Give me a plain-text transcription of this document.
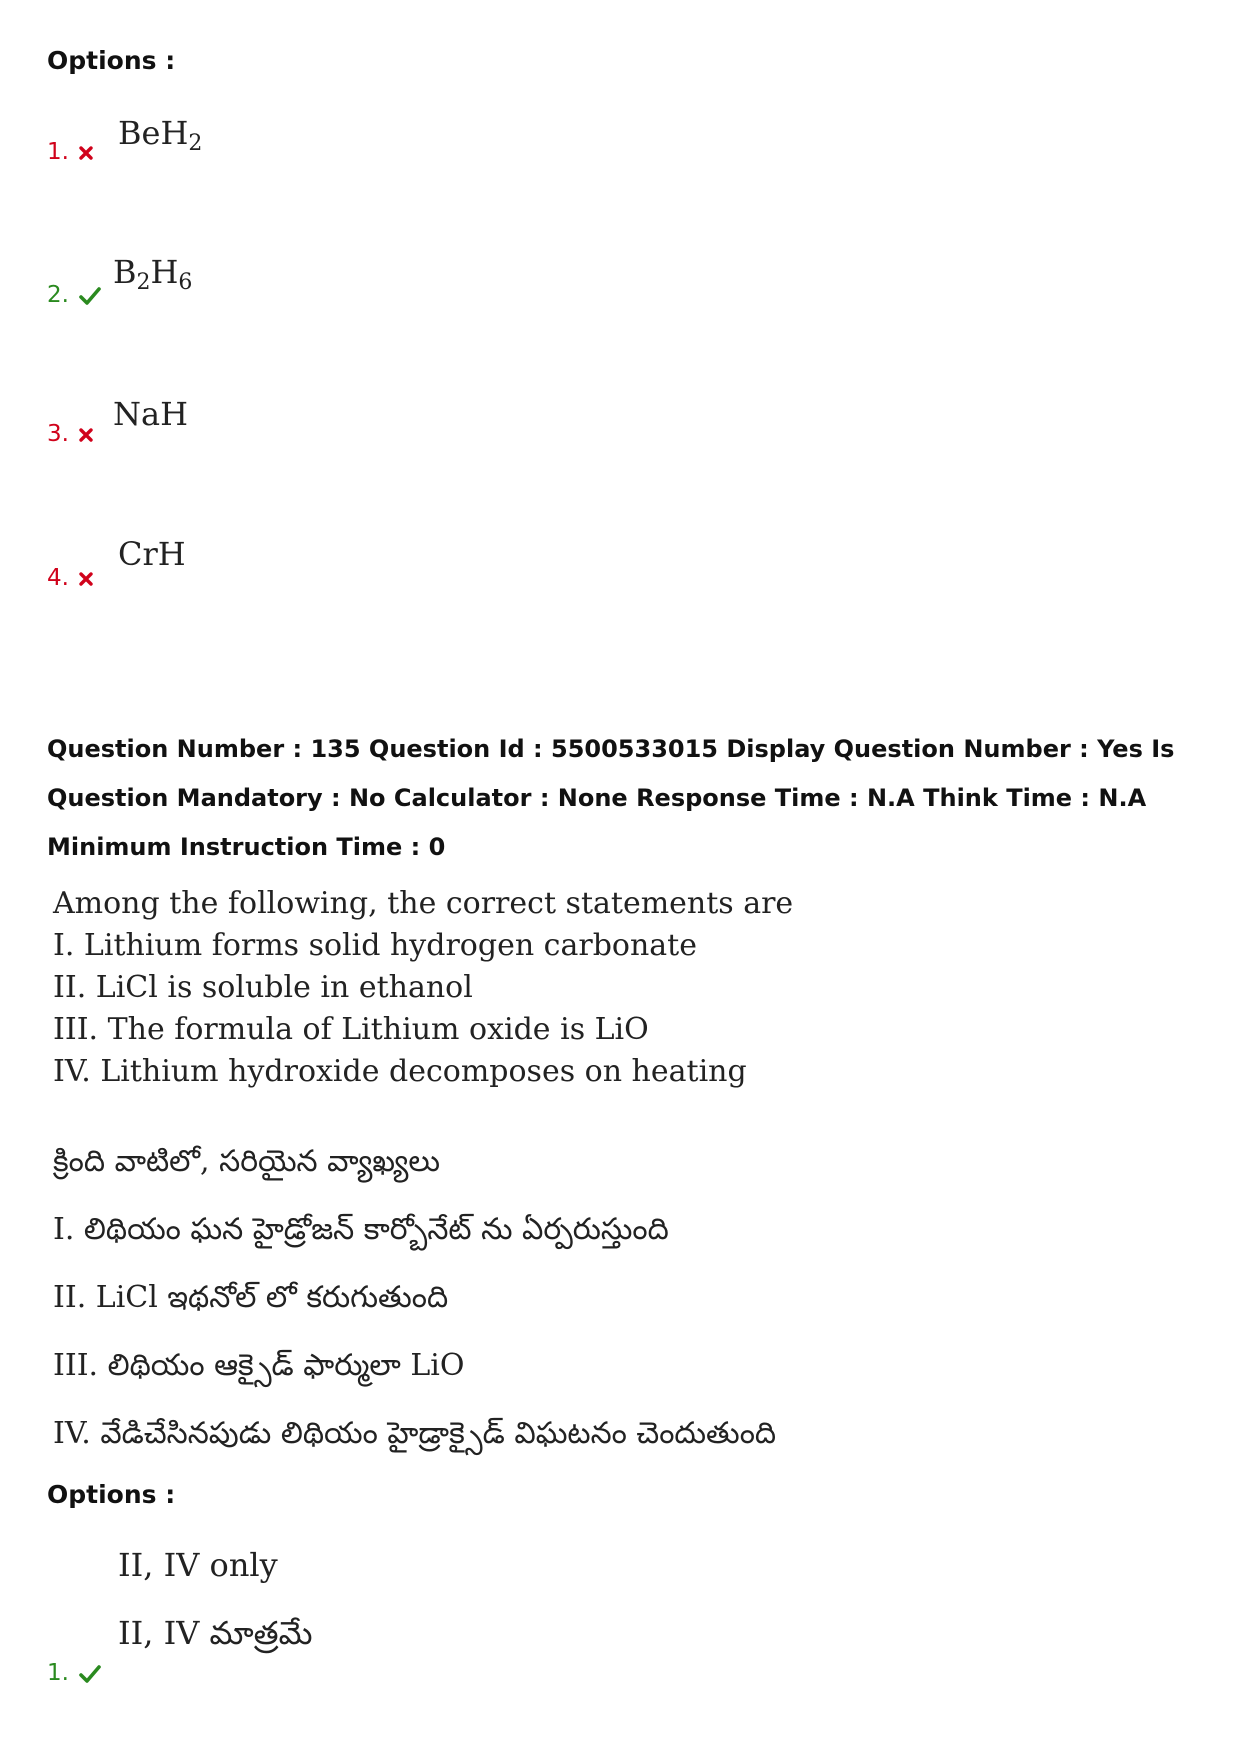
Options :
1.	BeH$_2$
2.
$B_2H_6$
3.
NaH
4.
CrH
Question Number : 135 Question Id : 5500533015 Display Question Number : Yes Is Question Mandatory : No Calculator : None Response Time : N.A Think Time : N.A Minimum Instruction Time : 0
Among the following, the correct statements are
I. Lithium forms solid hydrogen carbonate
II. LiCl is soluble in ethanol
III. The formula of Lithium oxide is LiO
IV. Lithium hydroxide decomposes on heating
క్రింది వాటిలో, సరియైన వ్యాఖ్యలు
I. లిథియం ఘన హైడ్రోజన్ కార్బోనేట్ ను ఏర్పరుస్తుంది
II. LiCl ఇథనోల్ లో కరుగుతుంది
III. లిథియం ఆక్సైడ్ ఫార్ములా LiO
IV. వేడిచేసినపుడు లిథియం హైడ్రాక్సైడ్ విఘటనం చెందుతుంది
Options :
II, IV only
II, IV మాత్రమే
1.
